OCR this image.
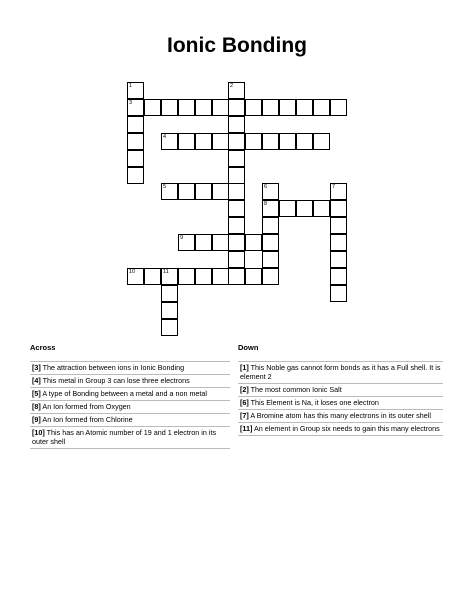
Ionic Bonding
1
3
2
4
5	6
8
7
9
10	11
Across
[3] The attraction between ions in Ionic Bonding
[4] This metal in Group 3 can lose three electrons
[5] A type of Bonding between a metal and a non metal
[8] An Ion formed from Oxygen
[9] An Ion formed from Chlorine
[10] This has an Atomic number of 19 and 1 electron in its outer shell
Down
[1] This Noble gas cannot form bonds as it has a Full shell. It is element 2
[2] The most common Ionic Salt
[6] This Element is Na, it loses one electron
[7] A Bromine atom has this many electrons in its outer shell
[11] An element in Group six needs to gain this many electrons
